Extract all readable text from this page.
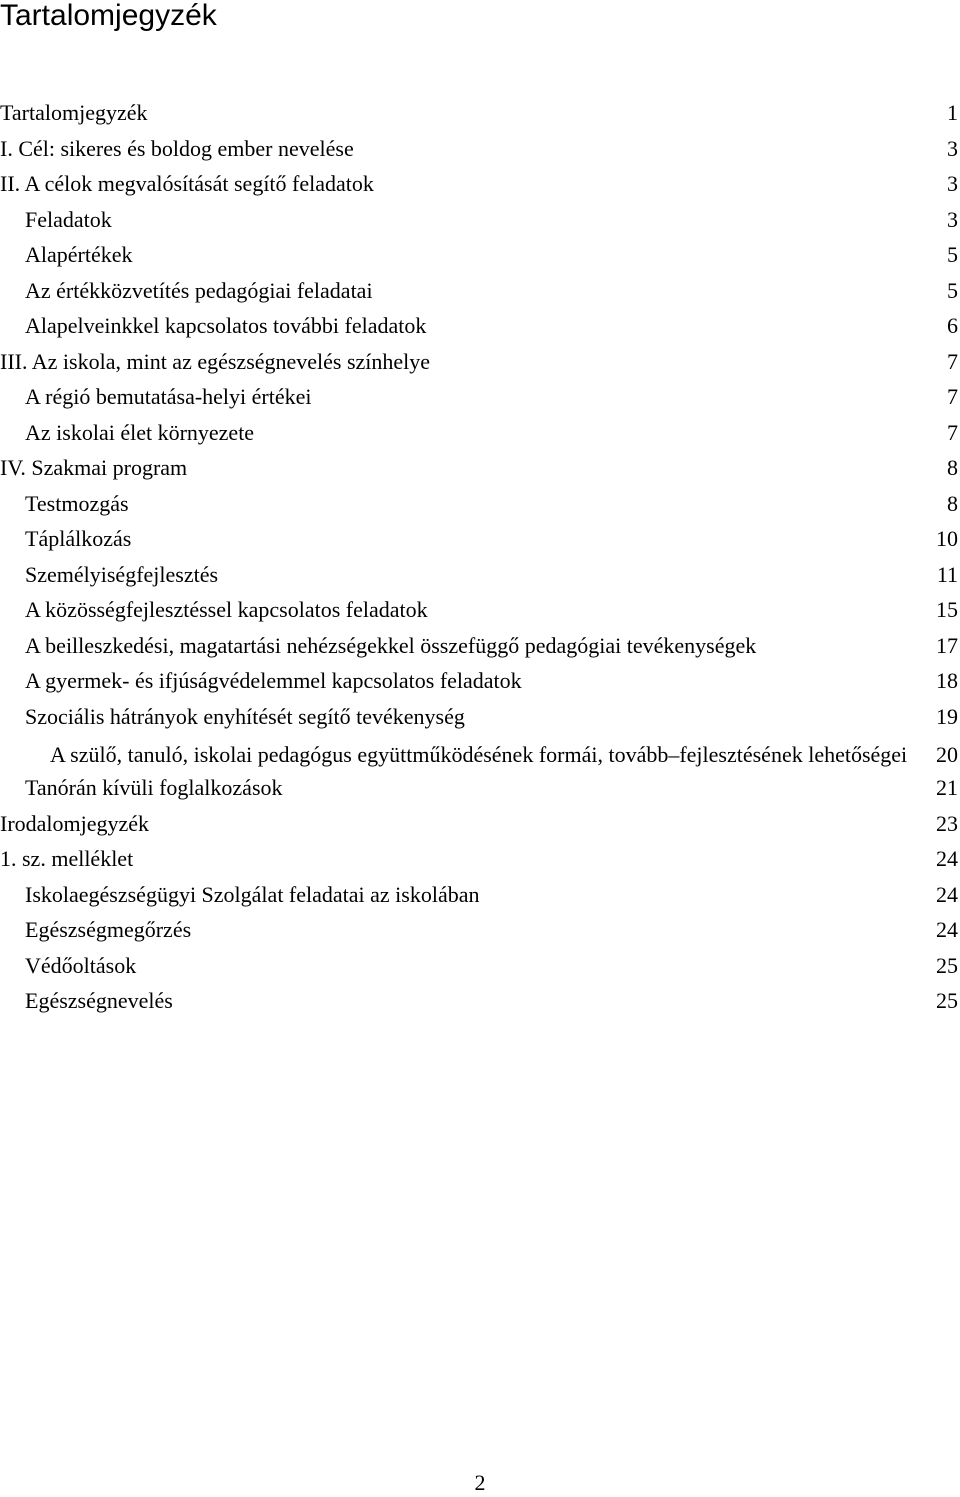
Tartalomjegyzék
Tartalomjegyzék	1
I. Cél: sikeres és boldog ember nevelése	3
II. A célok megvalósítását segítő feladatok	3
Feladatok	3
Alapértékek	5
Az értékközvetítés pedagógiai feladatai	5
Alapelveinkkel kapcsolatos további feladatok	6
III. Az iskola, mint az egészségnevelés színhelye	7
A régió bemutatása-helyi értékei	7
Az iskolai élet környezete	7
IV. Szakmai program	8
Testmozgás	8
Táplálkozás	10
Személyiségfejlesztés	11
A közösségfejlesztéssel kapcsolatos feladatok	15
A beilleszkedési, magatartási nehézségekkel összefüggő pedagógiai tevékenységek	17
A gyermek- és ifjúságvédelemmel kapcsolatos feladatok	18
Szociális hátrányok enyhítését segítő tevékenység	19
A szülő, tanuló, iskolai pedagógus együttműködésének formái, tovább–fejlesztésének lehetőségei	20
Tanórán kívüli foglalkozások	21
Irodalomjegyzék	23
1. sz. melléklet	24
Iskolaegészségügyi Szolgálat feladatai az iskolában	24
Egészségmegőrzés	24
Védőoltások	25
Egészségnevelés	25
2
